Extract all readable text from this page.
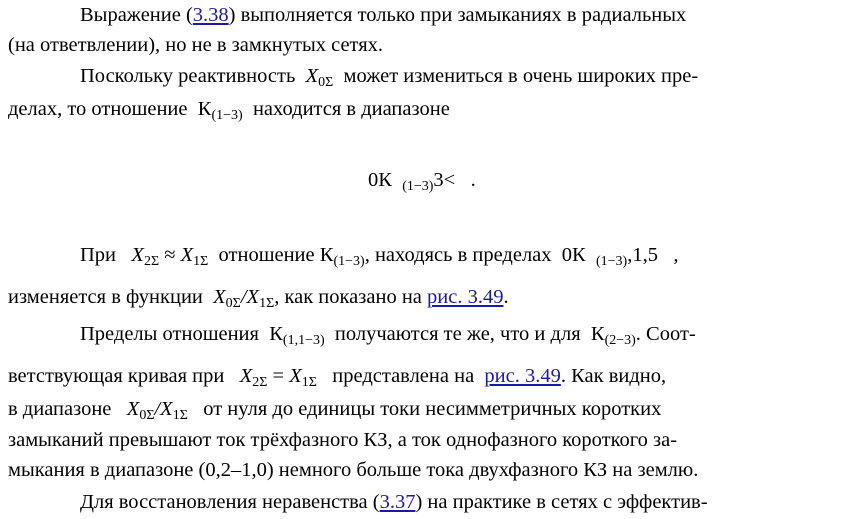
Выражение (3.38) выполняется только при замыканиях в радиальных
(на ответвлении), но не в замкнутых сетях.
Поскольку реактивность X0Σ может измениться в очень широких пре-
делах, то отношение К(1−3) находится в диапазоне
0К (1−3)3< .
При X2Σ ≈ X1Σ отношение К(1−3), находясь в пределах 0К (1−3),1,5   ,
изменяется в функции X0Σ/X1Σ, как показано на рис. 3.49.
Пределы отношения К(1,1−3) получаются те же, что и для К(2−3). Соот-
ветствующая кривая при X2Σ = X1Σ представлена на рис. 3.49. Как видно,
в диапазоне X0Σ/X1Σ от нуля до единицы токи несимметричных коротких
замыканий превышают ток трёхфазного КЗ, а ток однофазного короткого за-
мыкания в диапазоне (0,2–1,0) немного больше тока двухфазного КЗ на землю.
Для восстановления неравенства (3.37) на практике в сетях с эффектив-
